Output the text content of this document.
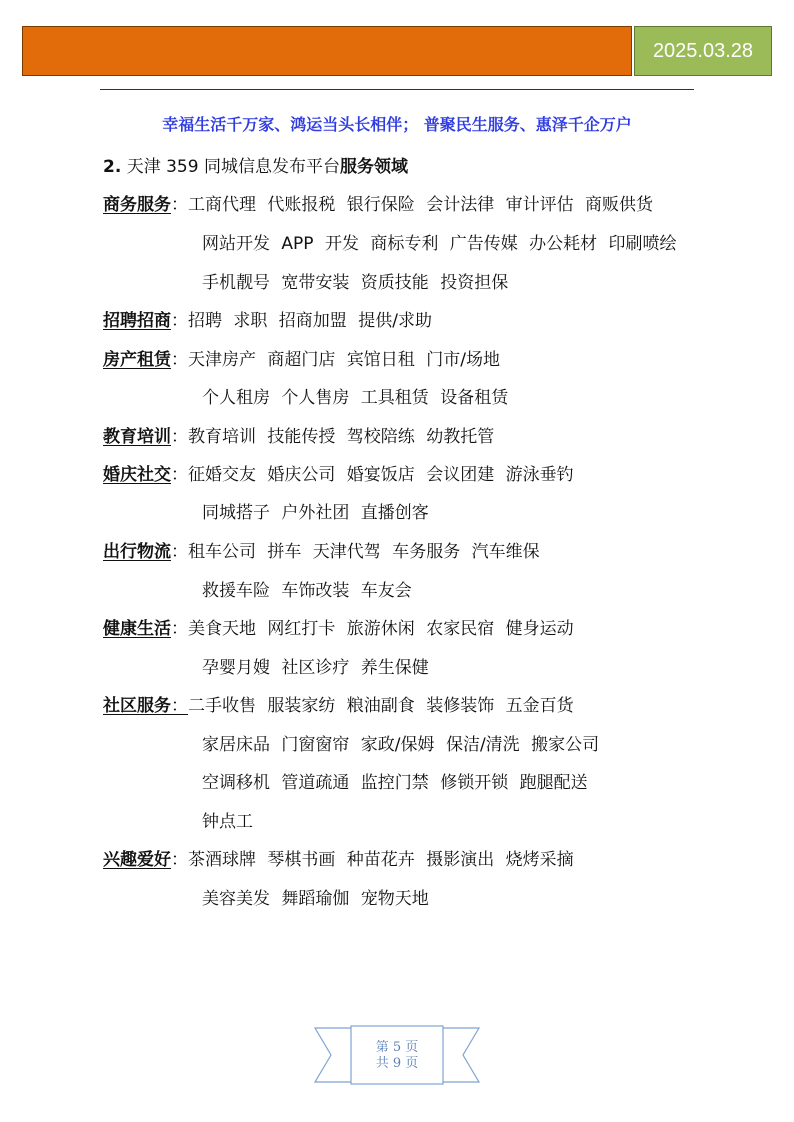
2025.03.28
幸福生活千万家、鸿运当头长相伴； 普聚民生服务、惠泽千企万户
2. 天津 359 同城信息发布平台服务领域
商务服务：工商代理 代账报税 银行保险 会计法律 审计评估 商贩供货
网站开发 APP 开发 商标专利 广告传媒 办公耗材 印刷喷绘
手机靓号 宽带安装 资质技能 投资担保
招聘招商：招聘 求职 招商加盟 提供/求助
房产租赁：天津房产 商超门店 宾馆日租 门市/场地
个人租房 个人售房 工具租赁 设备租赁
教育培训：教育培训 技能传授 驾校陪练 幼教托管
婚庆社交：征婚交友 婚庆公司 婚宴饭店 会议团建 游泳垂钓
同城搭子 户外社团 直播创客
出行物流：租车公司 拼车 天津代驾 车务服务 汽车维保
救援车险 车饰改装 车友会
健康生活：美食天地 网红打卡 旅游休闲 农家民宿 健身运动
孕婴月嫂 社区诊疗 养生保健
社区服务：二手收售 服装家纺 粮油副食 装修装饰 五金百货
家居床品 门窗窗帘 家政/保姆 保洁/清洗 搬家公司
空调移机 管道疏通 监控门禁 修锁开锁 跑腿配送
钟点工
兴趣爱好：茶酒球牌 琴棋书画 种苗花卉 摄影演出 烧烤采摘
美容美发 舞蹈瑜伽 宠物天地
第 5 页
共 9 页
